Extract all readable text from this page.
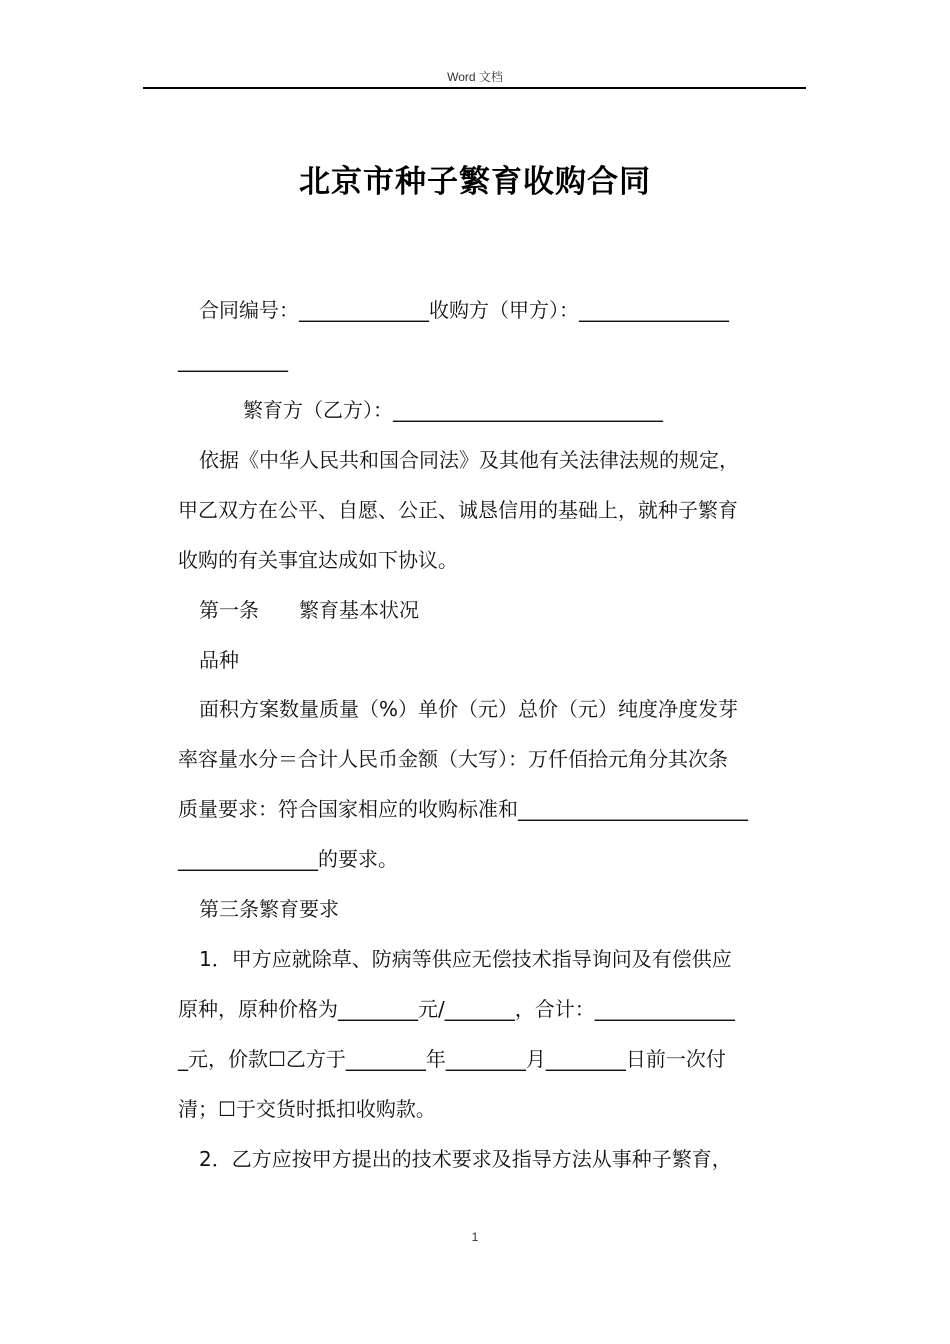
Word 文档
北京市种子繁育收购合同
合同编号：_____________收购方（甲方）：_______________
___________
繁育方（乙方）：___________________________
依据《中华人民共和国合同法》及其他有关法律法规的规定，
甲乙双方在公平、自愿、公正、诚恳信用的基础上，就种子繁育
收购的有关事宜达成如下协议。
第一条　　繁育基本状况
品种
面积方案数量质量（%）单价（元）总价（元）纯度净度发芽
率容量水分＝合计人民币金额（大写）：万仟佰拾元角分其次条
质量要求：符合国家相应的收购标准和_______________________
______________的要求。
第三条繁育要求
1．甲方应就除草、防病等供应无偿技术指导询问及有偿供应
原种，原种价格为________元/_______，合计：______________
_元，价款☐乙方于________年________月________日前一次付
清；☐于交货时抵扣收购款。
2．乙方应按甲方提出的技术要求及指导方法从事种子繁育，
1
